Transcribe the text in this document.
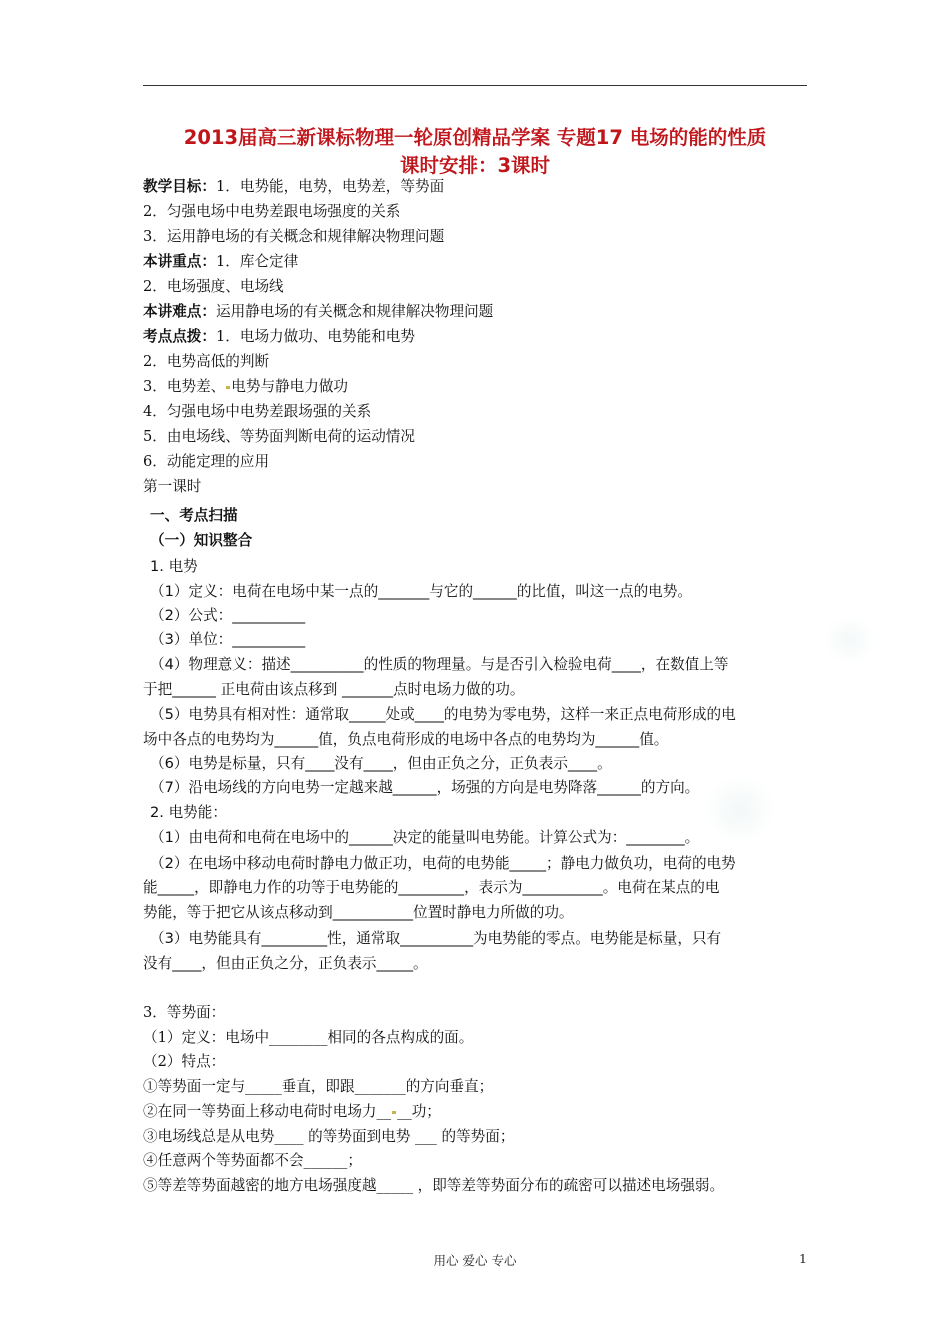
2013届高三新课标物理一轮原创精品学案 专题17 电场的能的性质
课时安排：3课时
教学目标：1．电势能，电势，电势差，等势面
2．匀强电场中电势差跟电场强度的关系
3．运用静电场的有关概念和规律解决物理问题
本讲重点：1．库仑定律
2．电场强度、电场线
本讲难点：运用静电场的有关概念和规律解决物理问题
考点点拨：1．电场力做功、电势能和电势
2．电势高低的判断
3．电势差、 电势与静电力做功
4．匀强电场中电势差跟场强的关系
5．由电场线、等势面判断电荷的运动情况
6．动能定理的应用
第一课时
一、考点扫描
（一）知识整合
1. 电势
（1）定义：电荷在电场中某一点的_______与它的______的比值，叫这一点的电势。
（2）公式：__________
（3）单位：__________
（4）物理意义：描述__________的性质的物理量。与是否引入检验电荷____，在数值上等
于把______ 正电荷由该点移到 _______点时电场力做的功。
（5）电势具有相对性：通常取_____处或____的电势为零电势，这样一来正点电荷形成的电
场中各点的电势均为______值，负点电荷形成的电场中各点的电势均为______值。
（6）电势是标量，只有____没有____，但由正负之分，正负表示____。
（7）沿电场线的方向电势一定越来越______，场强的方向是电势降落______的方向。
2. 电势能：
（1）由电荷和电荷在电场中的______决定的能量叫电势能。计算公式为：________。
（2）在电场中移动电荷时静电力做正功，电荷的电势能_____；静电力做负功，电荷的电势
能_____，即静电力作的功等于电势能的_________，表示为___________。电荷在某点的电
势能，等于把它从该点移动到___________位置时静电力所做的功。
（3）电势能具有_________性，通常取__________为电势能的零点。电势能是标量，只有
没有____，但由正负之分，正负表示_____。
3．等势面：
（1）定义：电场中________相同的各点构成的面。
（2）特点：
①等势面一定与_____垂直，即跟_______的方向垂直；
②在同一等势面上移动电荷时电场力__ __功；
③电场线总是从电势____ 的等势面到电势 ___ 的等势面；
④任意两个等势面都不会______；
⑤等差等势面越密的地方电场强度越_____ ，即等差等势面分布的疏密可以描述电场强弱。
用心 爱心 专心	1
